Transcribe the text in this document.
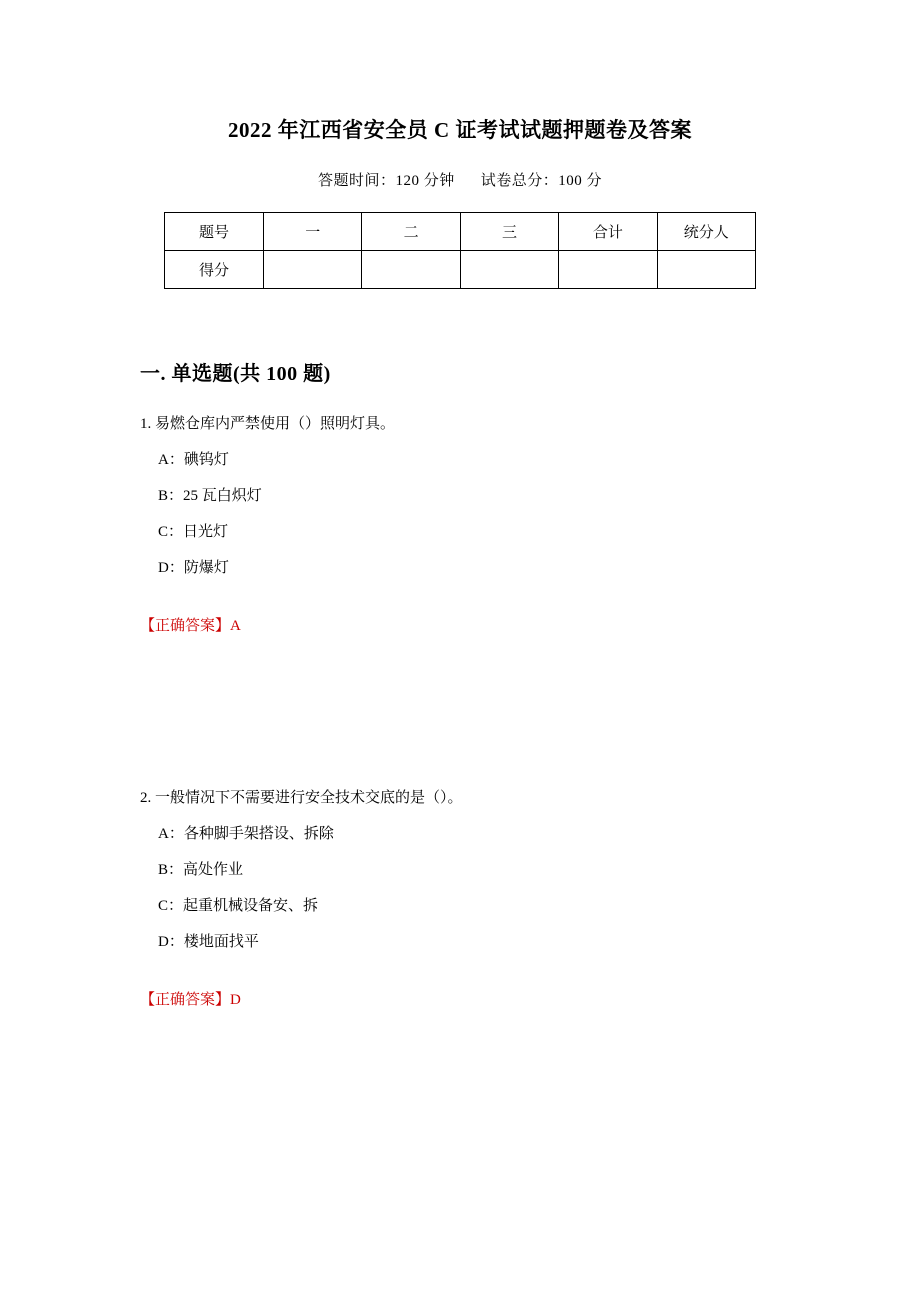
2022 年江西省安全员 C 证考试试题押题卷及答案
答题时间：120 分钟 试卷总分：100 分
题号	一	二	三	合计	统分人
得分					
一. 单选题(共 100 题)
1. 易燃仓库内严禁使用（）照明灯具。
A：碘钨灯
B：25 瓦白炽灯
C：日光灯
D：防爆灯
【正确答案】A
2. 一般情况下不需要进行安全技术交底的是（）。
A：各种脚手架搭设、拆除
B：高处作业
C：起重机械设备安、拆
D：楼地面找平
【正确答案】D
